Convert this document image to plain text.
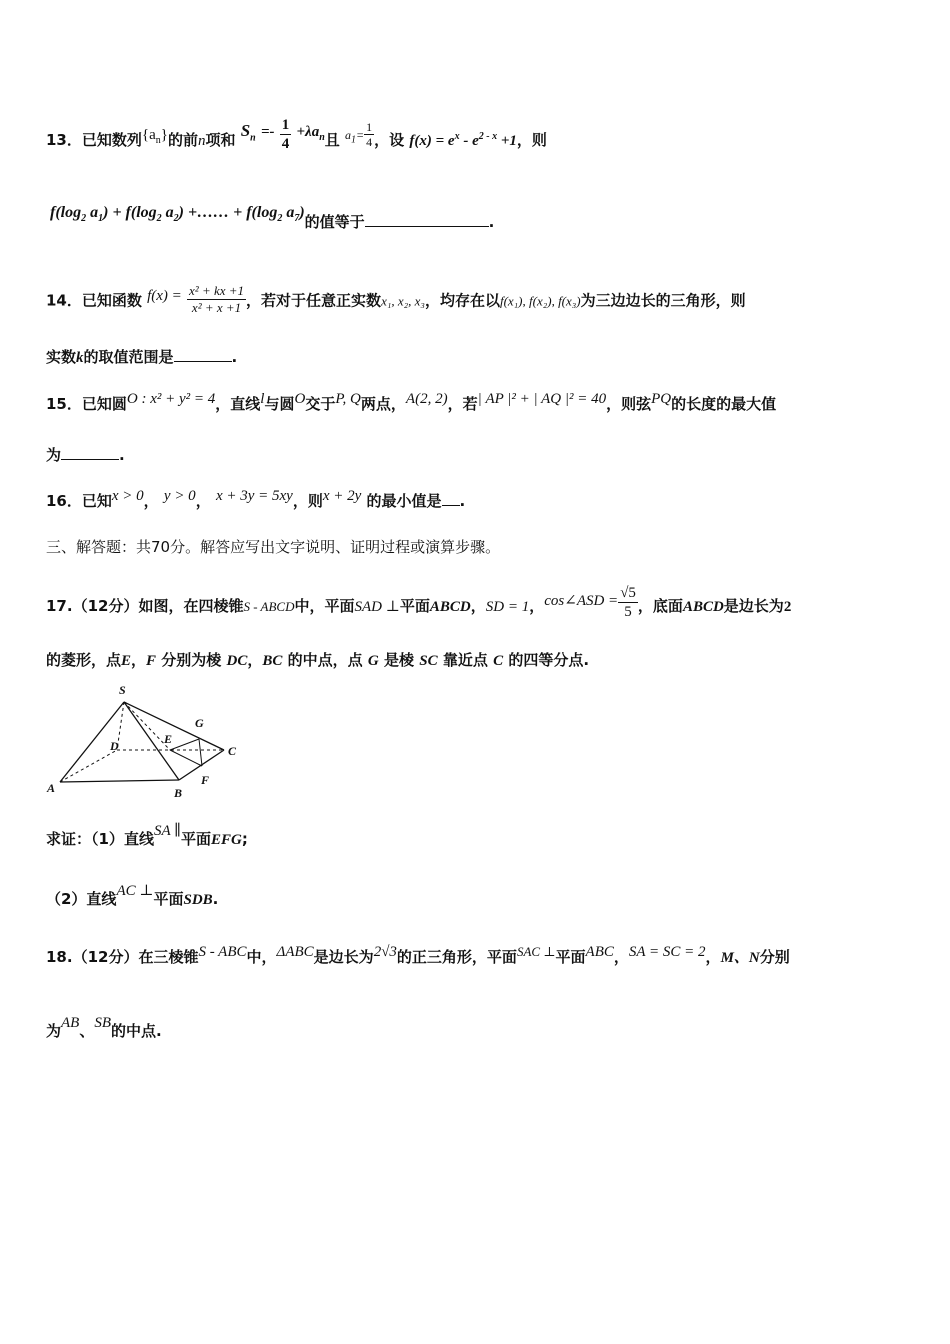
13．已知数列$\{a_n\}$的前n项和 $S_n =- \frac{1}{4} +\lambda a_n$且 $^{a_1=} \frac{1}{4}$ ，设 $f(x) = e^x - e^{2 - x} +1$，则
$f(\log_2$ $a_1) + f(\log_2$ $a_2$) +…… + $f(\log_2$ $a_7$)的值等于	.
14．已知函数 $f(x) = \frac{\text{x² + kx +1}}{\text{x² + x +1}}$ ，若对于任意正实数x₁, x₂, x₃，均存在以f(x₁), f(x₂), f(x₃)为三边边长的三角形，则
实数k的取值范围是	.
15．已知圆O : x² + y² = 4，直线l与圆O交于P, Q两点，A(2, 2)，若| AP |² + | AQ |² = 40，则弦PQ的长度的最大值
为	.
16．已知x > 0， y > 0， x + 3y = 5xy，则x + 2y 的最小值是 .
三、解答题：共70分。解答应写出文字说明、证明过程或演算步骤。
17.（12分）如图，在四棱锥S - ABCD中，平面SAD ⊥平面ABCD，SD = 1，cos∠ASD = $\frac{√5}{5}$ ，底面ABCD是边长为2
的菱形，点E，F 分别为棱 DC，BC 的中点，点 G 是棱 SC 靠近点 C 的四等分点.
S
G
D	E
C
A	B
F
求证：（1）直线SA ∥平面EFG;
（2）直线AC ⊥平面SDB.
18.（12分）在三棱锥S - ABC中，ΔABC是边长为2√3的正三角形，平面SAC ⊥平面ABC，SA = SC = 2，M、N分别
为AB、SB的中点.
